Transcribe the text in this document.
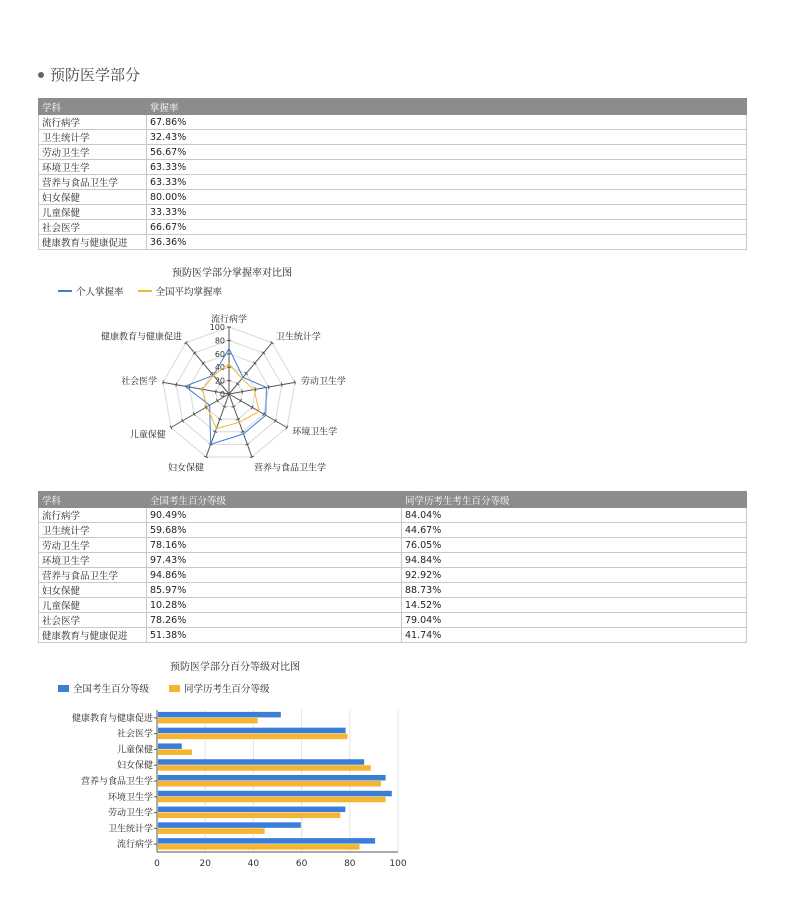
预防医学部分
学科	掌握率
流行病学	67.86%
卫生统计学	32.43%
劳动卫生学	56.67%
环境卫生学	63.33%
营养与食品卫生学	63.33%
妇女保健	80.00%
儿童保健	33.33%
社会医学	66.67%
健康教育与健康促进	36.36%
预防医学部分掌握率对比图
个人掌握率	全国平均掌握率
0
20
40
60
80
100
流行病学
卫生统计学
劳动卫生学
环境卫生学
营养与食品卫生学
妇女保健
儿童保健
社会医学
健康教育与健康促进
学科	全国考生百分等级	同学历考生考生百分等级
流行病学	90.49%	84.04%
卫生统计学	59.68%	44.67%
劳动卫生学	78.16%	76.05%
环境卫生学	97.43%	94.84%
营养与食品卫生学	94.86%	92.92%
妇女保健	85.97%	88.73%
儿童保健	10.28%	14.52%
社会医学	78.26%	79.04%
健康教育与健康促进	51.38%	41.74%
预防医学部分百分等级对比图
全国考生百分等级	同学历考生百分等级
0	20	40	60	80	100
健康教育与健康促进
社会医学
儿童保健
妇女保健
营养与食品卫生学
环境卫生学
劳动卫生学
卫生统计学
流行病学
